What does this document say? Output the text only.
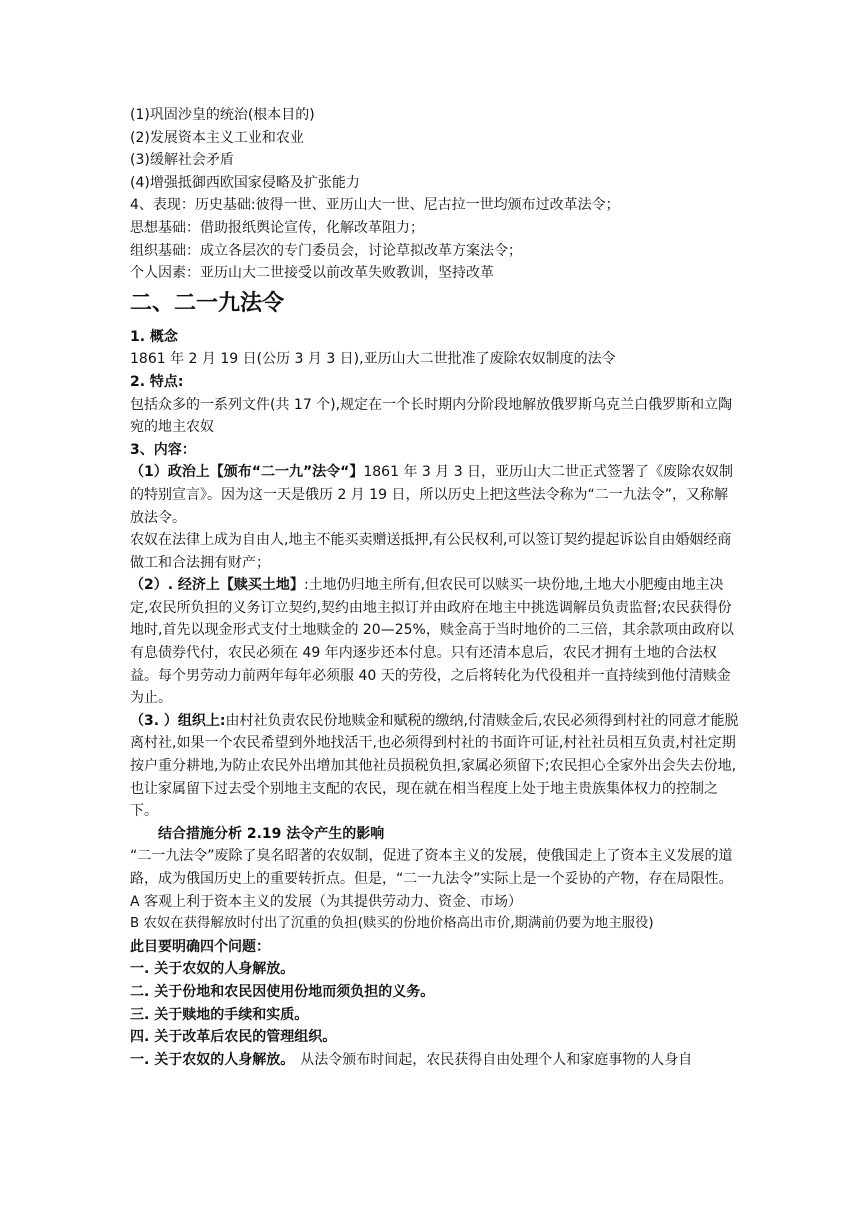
(1)巩固沙皇的统治(根本目的)
(2)发展资本主义工业和农业
(3)缓解社会矛盾
(4)增强抵御西欧国家侵略及扩张能力
4、表现：历史基础:彼得一世、亚历山大一世、尼古拉一世均颁布过改革法令；
思想基础：借助报纸舆论宣传，化解改革阻力；
组织基础：成立各层次的专门委员会，讨论草拟改革方案法令；
个人因素：亚历山大二世接受以前改革失败教训，坚持改革
二、二一九法令
1. 概念
1861 年 2 月 19 日(公历 3 月 3 日),亚历山大二世批准了废除农奴制度的法令
2. 特点:
包括众多的一系列文件(共 17 个),规定在一个长时期内分阶段地解放俄罗斯乌克兰白俄罗斯和立陶宛的地主农奴
3、内容：
（1）政治上【颁布“二一九”法令“】1861 年 3 月 3 日，亚历山大二世正式签署了《废除农奴制的特别宣言》。因为这一天是俄历 2 月 19 日，所以历史上把这些法令称为“二一九法令”，又称解放法令。
农奴在法律上成为自由人,地主不能买卖赠送抵押,有公民权利,可以签订契约提起诉讼自由婚姻经商做工和合法拥有财产；
（2）. 经济上【赎买土地】:土地仍归地主所有,但农民可以赎买一块份地,土地大小肥瘦由地主决定,农民所负担的义务订立契约,契约由地主拟订并由政府在地主中挑选调解员负责监督;农民获得份地时,首先以现金形式支付土地赎金的 20—25%，赎金高于当时地价的二三倍，其余款项由政府以有息债券代付，农民必须在 49 年内逐步还本付息。只有还清本息后，农民才拥有土地的合法权益。每个男劳动力前两年每年必须服 40 天的劳役，之后将转化为代役租并一直持续到他付清赎金为止。
（3. ）组织上:由村社负责农民份地赎金和赋税的缴纳,付清赎金后,农民必须得到村社的同意才能脱离村社,如果一个农民希望到外地找活干,也必须得到村社的书面许可证,村社社员相互负责,村社定期按户重分耕地,为防止农民外出增加其他社员损税负担,家属必须留下;农民担心全家外出会失去份地,也让家属留下过去受个别地主支配的农民，现在就在相当程度上处于地主贵族集体权力的控制之下。
结合措施分析 2.19 法令产生的影响
“二一九法令”废除了臭名昭著的农奴制，促进了资本主义的发展，使俄国走上了资本主义发展的道路，成为俄国历史上的重要转折点。但是，“二一九法令”实际上是一个妥协的产物，存在局限性。
A 客观上利于资本主义的发展（为其提供劳动力、资金、市场）
B 农奴在获得解放时付出了沉重的负担(赎买的份地价格高出市价,期满前仍要为地主服役)
此目要明确四个问题：
一. 关于农奴的人身解放。
二. 关于份地和农民因使用份地而须负担的义务。
三. 关于赎地的手续和实质。
四. 关于改革后农民的管理组织。
一. 关于农奴的人身解放。 从法令颁布时间起，农民获得自由处理个人和家庭事物的人身自
